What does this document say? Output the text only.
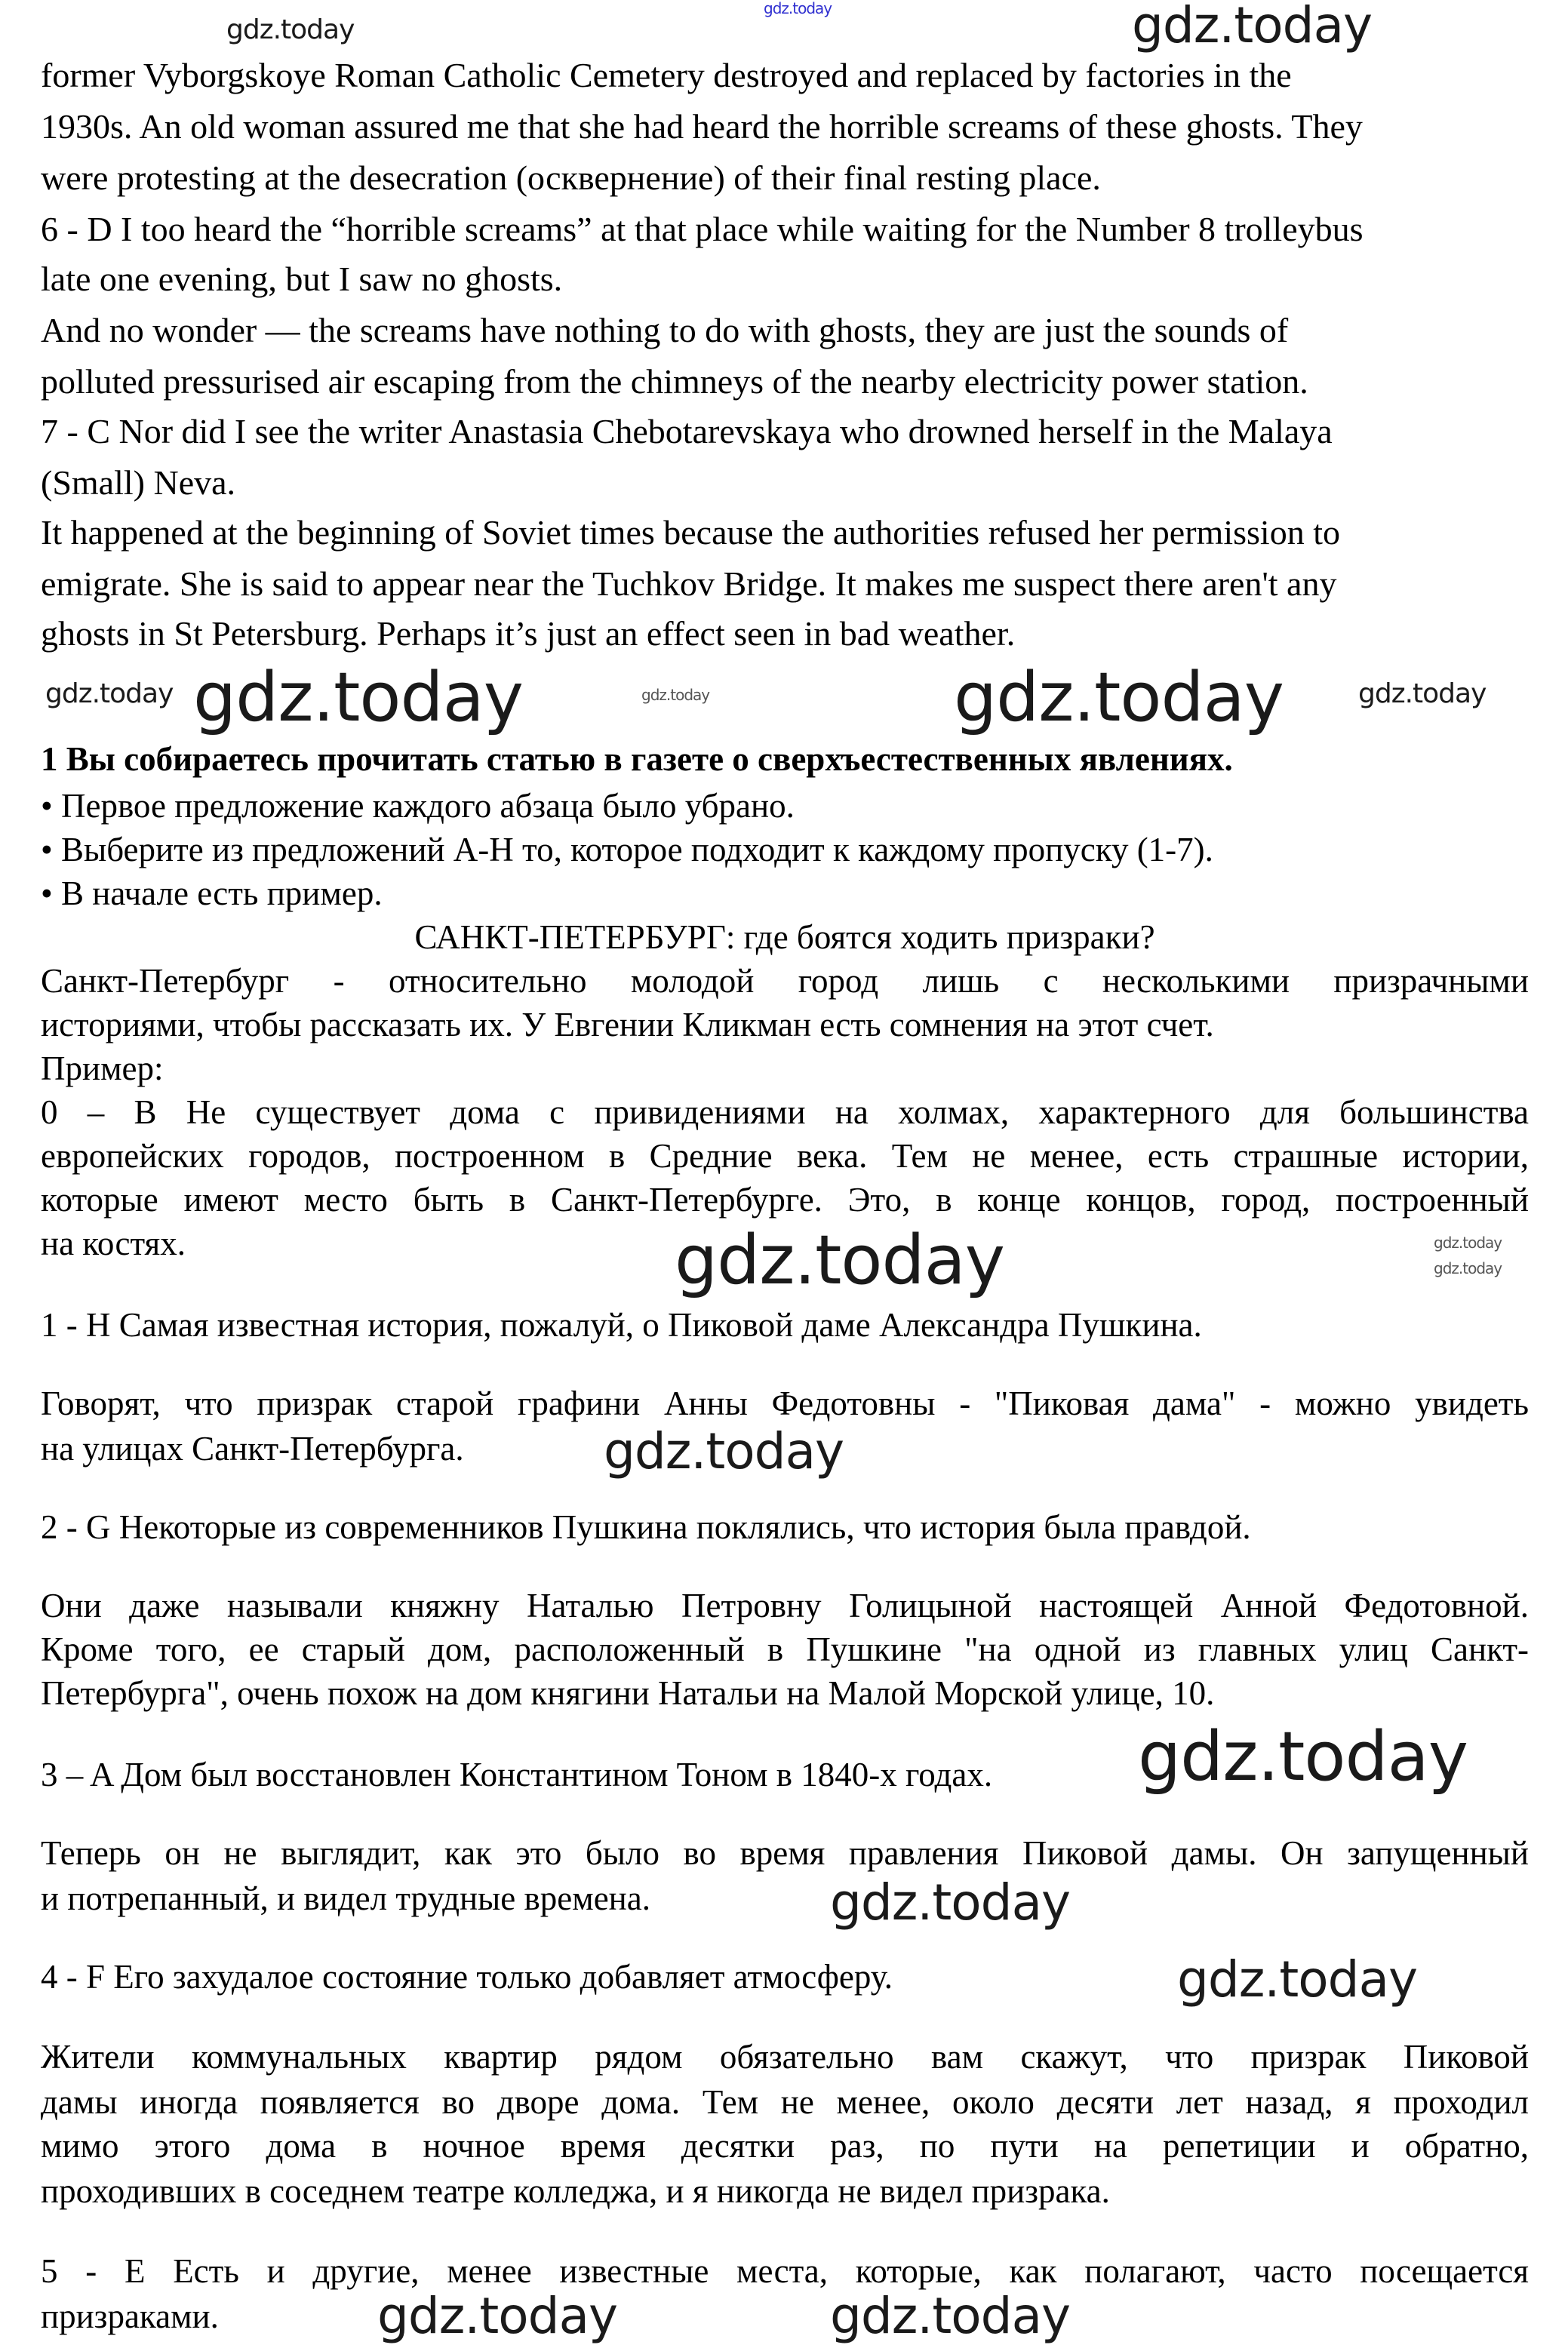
gdz.today
gdz.today	gdz.today
gdz.today	gdz.today	gdz.today
gdz.today	gdz.today
gdz.today
gdz.today	gdz.today
gdz.today
gdz.today
gdz.today
gdz.today	gdz.today
gdz.today
former Vyborgskoye Roman Catholic Cemetery destroyed and replaced by factories in the
1930s. An old woman assured me that she had heard the horrible screams of these ghosts. They
were protesting at the desecration (осквернение) of their final resting place.
6 - D I too heard the “horrible screams” at that place while waiting for the Number 8 trolleybus
late one evening, but I saw no ghosts.
And no wonder — the screams have nothing to do with ghosts, they are just the sounds of
polluted pressurised air escaping from the chimneys of the nearby electricity power station.
7 - C Nor did I see the writer Anastasia Chebotarevskaya who drowned herself in the Malaya
(Small) Neva.
It happened at the beginning of Soviet times because the authorities refused her permission to
emigrate. She is said to appear near the Tuchkov Bridge. It makes me suspect there aren't any
ghosts in St Petersburg. Perhaps it’s just an effect seen in bad weather.
1 Вы собираетесь прочитать статью в газете о сверхъестественных явлениях.
• Первое предложение каждого абзаца было убрано.
• Выберите из предложений A-H то, которое подходит к каждому пропуску (1-7).
• В начале есть пример.
САНКТ-ПЕТЕРБУРГ: где боятся ходить призраки?
Санкт-Петербург - относительно молодой город лишь с несколькими призрачными
историями, чтобы рассказать их. У Евгении Кликман есть сомнения на этот счет.
Пример:
0 – B Не существует дома с привидениями на холмах, характерного для большинства
европейских городов, построенном в Средние века. Тем не менее, есть страшные истории,
которые имеют место быть в Санкт-Петербурге. Это, в конце концов, город, построенный
на костях.
1 - H Самая известная история, пожалуй, о Пиковой даме Александра Пушкина.
Говорят, что призрак старой графини Анны Федотовны - "Пиковая дама" - можно увидеть
на улицах Санкт-Петербурга.
2 - G Некоторые из современников Пушкина поклялись, что история была правдой.
Они даже называли княжну Наталью Петровну Голицыной настоящей Анной Федотовной.
Кроме того, ее старый дом, расположенный в Пушкине "на одной из главных улиц Санкт-
Петербурга", очень похож на дом княгини Натальи на Малой Морской улице, 10.
3 – A Дом был восстановлен Константином Тоном в 1840-х годах.
Теперь он не выглядит, как это было во время правления Пиковой дамы. Он запущенный
и потрепанный, и видел трудные времена.
4 - F Его захудалое состояние только добавляет атмосферу.
Жители коммунальных квартир рядом обязательно вам скажут, что призрак Пиковой
дамы иногда появляется во дворе дома. Тем не менее, около десяти лет назад, я проходил
мимо этого дома в ночное время десятки раз, по пути на репетиции и обратно,
проходивших в соседнем театре колледжа, и я никогда не видел призрака.
5 - E Есть и другие, менее известные места, которые, как полагают, часто посещается
призраками.
